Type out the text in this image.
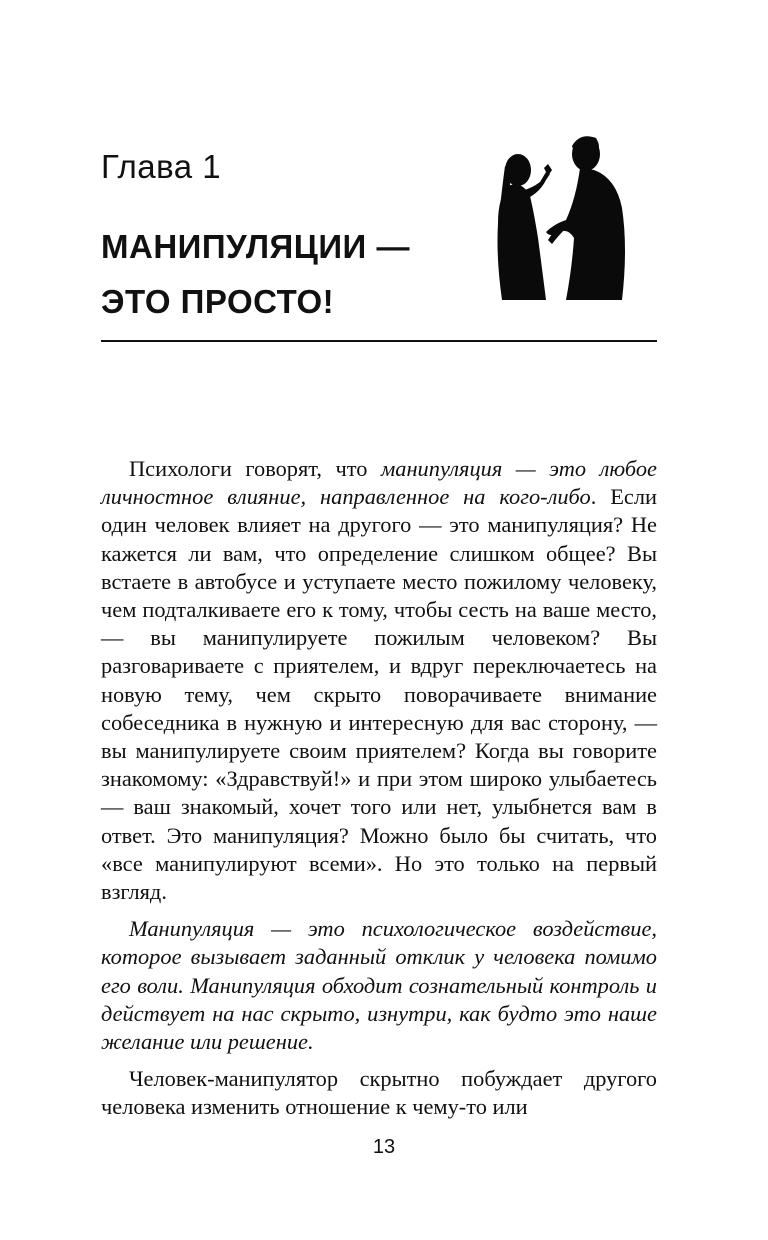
Глава 1
МАНИПУЛЯЦИИ —
ЭТО ПРОСТО!

Психологи говорят, что манипуляция — это любое личностное влияние, направленное на кого-либо. Если один человек влияет на другого — это манипуляция? Не кажется ли вам, что определение слишком общее? Вы встаете в автобусе и уступаете место пожилому человеку, чем подталкиваете его к тому, чтобы сесть на ваше место, — вы манипулируете пожилым человеком? Вы разговариваете с приятелем, и вдруг переключаетесь на новую тему, чем скрыто поворачиваете внимание собеседника в нужную и интересную для вас сторону, — вы манипулируете своим приятелем? Когда вы говорите знакомому: «Здравствуй!» и при этом широко улыбаетесь — ваш знакомый, хочет того или нет, улыбнется вам в ответ. Это манипуляция? Можно было бы считать, что «все манипулируют всеми». Но это только на первый взгляд.

Манипуляция — это психологическое воздействие, которое вызывает заданный отклик у человека помимо его воли. Манипуляция обходит сознательный контроль и действует на нас скрыто, изнутри, как будто это наше желание или решение.

Человек-манипулятор скрытно побуждает другого человека изменить отношение к чему-то или

13
